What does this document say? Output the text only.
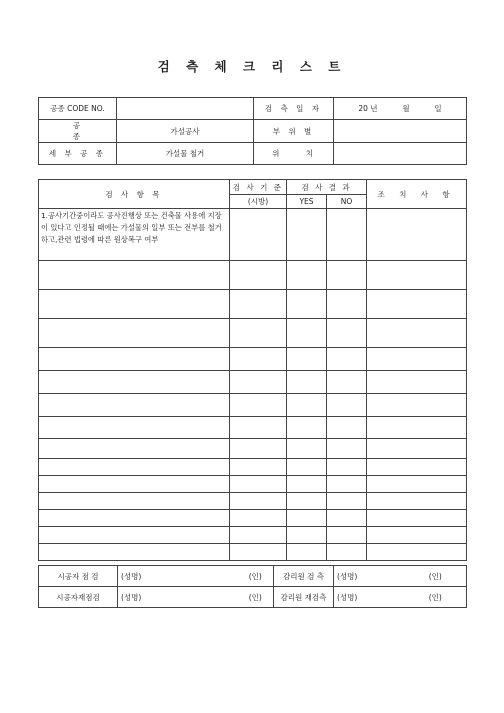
검 측 체 크 리 스 트
공종 CODE NO.		검 측 일 자	20 년 월 일
공 종	가설공사	부 위 별	
세 부 공 종	가설물 철거	위 치	
검 사 항 목	검 사 기 준	검 사 결 과		조 치 사 항
	(시방)	YES	NO	
1.공사기간중이라도 공사진행상 또는 건축물 사용에 지장이 있다고 인정될 때에는 가설물의 일부 또는 전부를 철거하고,관련 법령에 따른 원상복구 여부				

시공자 점 검	(성명)		(인)	감리원 검 측	(성명)	(인)
시공자재점검	(성명)		(인)	감리원 재검측	(성명)	(인)
